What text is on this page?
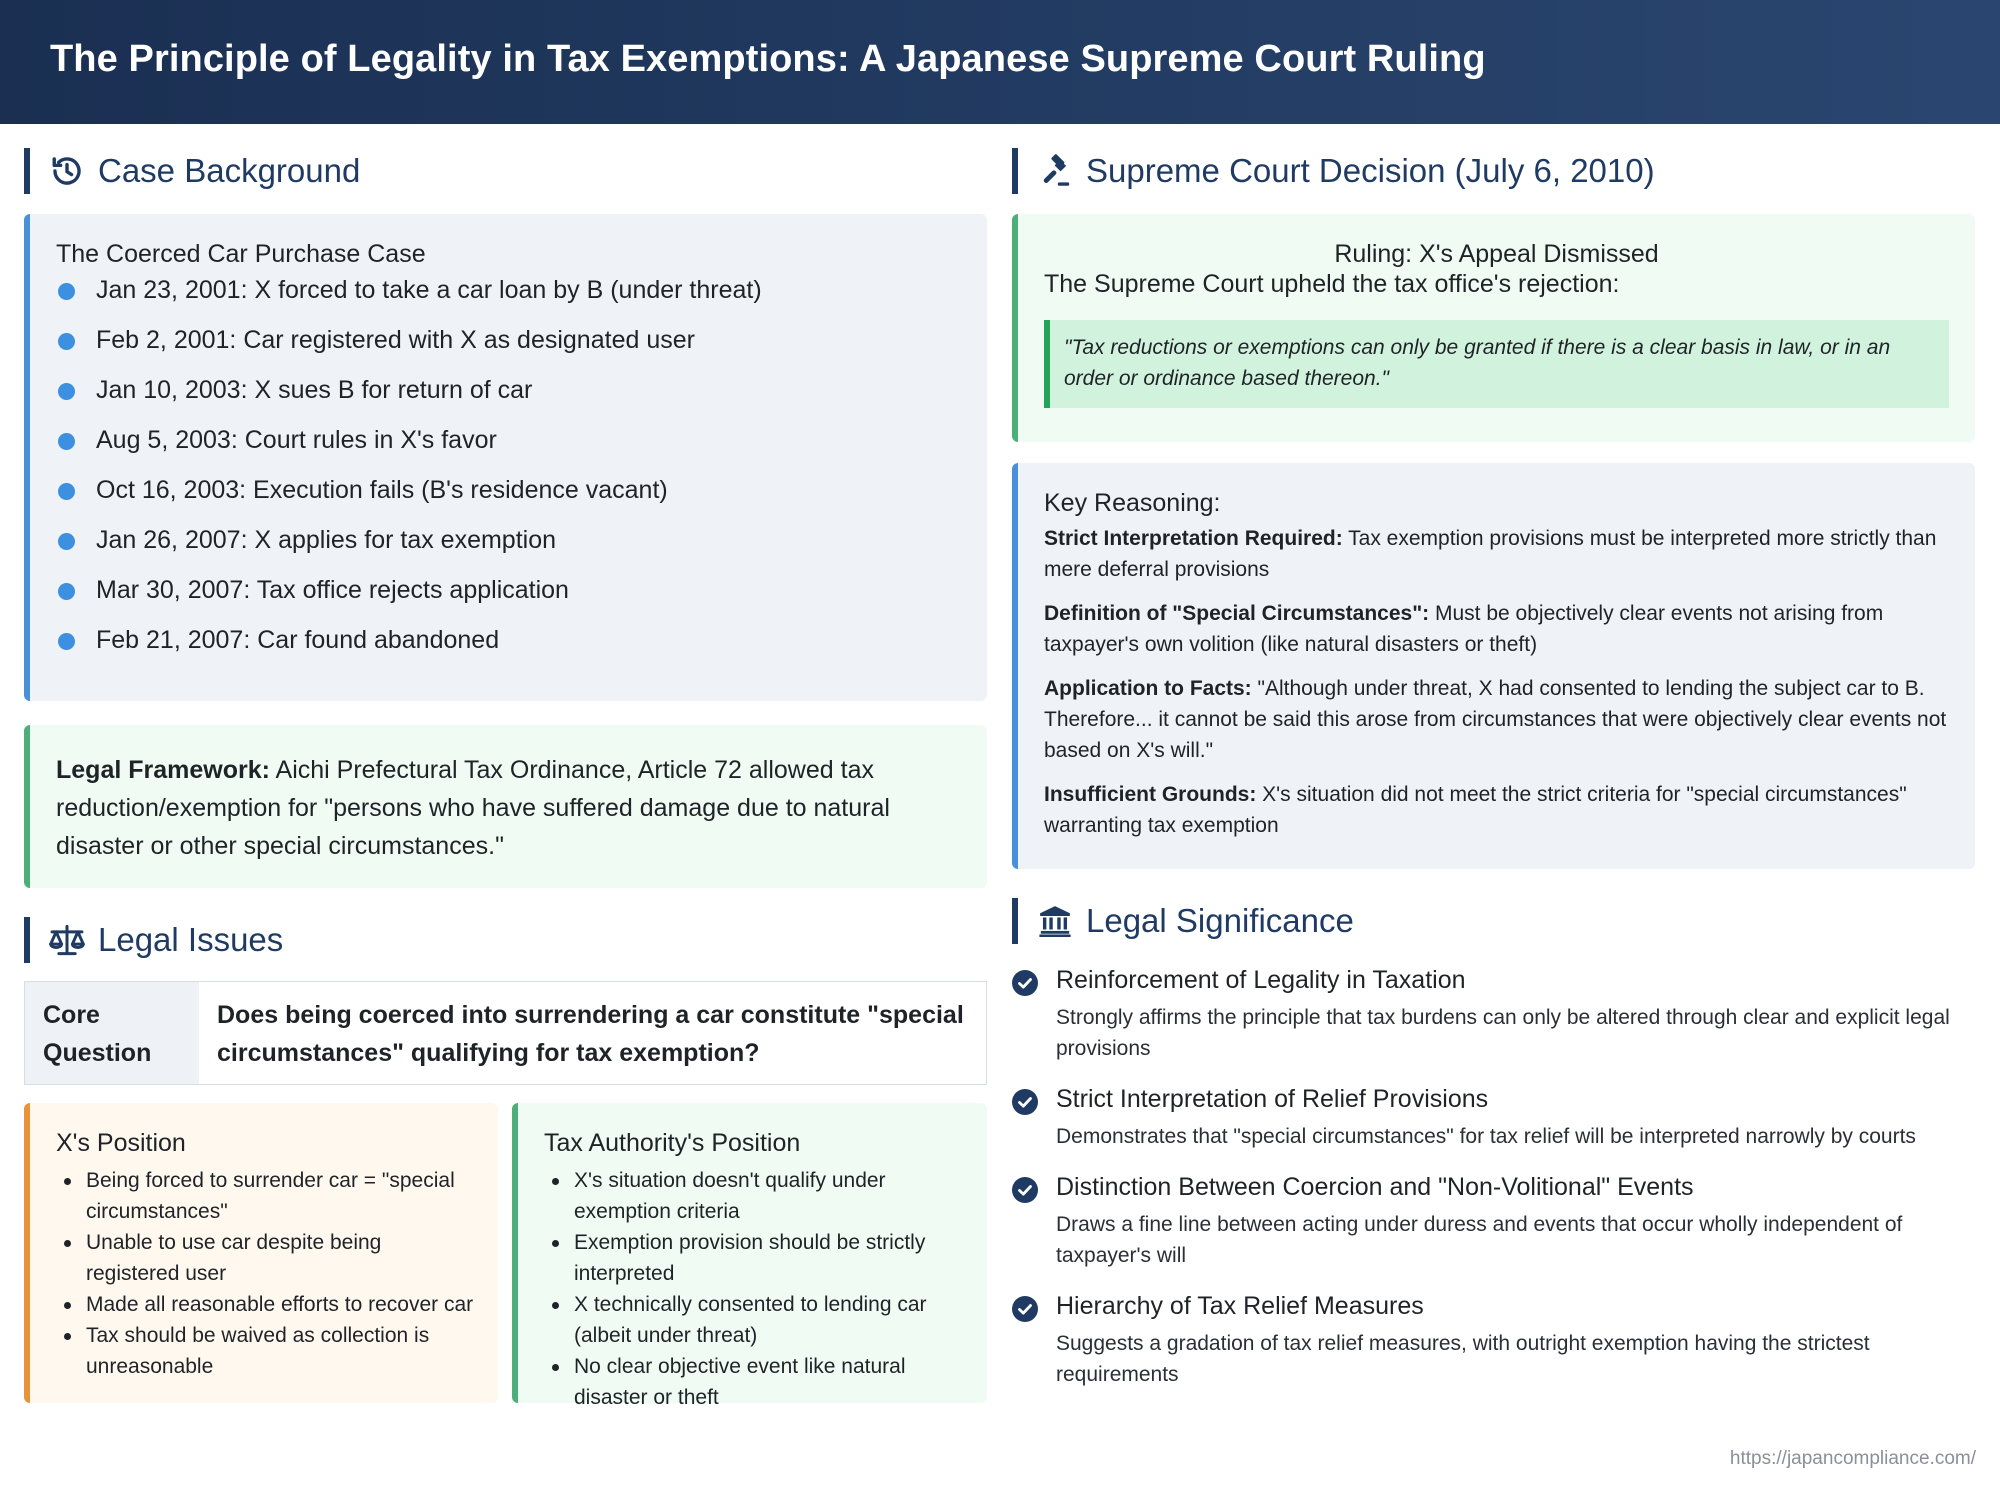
The Principle of Legality in Tax Exemptions: A Japanese Supreme Court Ruling
Case Background
The Coerced Car Purchase Case
Jan 23, 2001: X forced to take a car loan by B (under threat)
Feb 2, 2001: Car registered with X as designated user
Jan 10, 2003: X sues B for return of car
Aug 5, 2003: Court rules in X's favor
Oct 16, 2003: Execution fails (B's residence vacant)
Jan 26, 2007: X applies for tax exemption
Mar 30, 2007: Tax office rejects application
Feb 21, 2007: Car found abandoned
Legal Framework: Aichi Prefectural Tax Ordinance, Article 72 allowed tax reduction/exemption for "persons who have suffered damage due to natural disaster or other special circumstances."
Legal Issues
Core Question
Does being coerced into surrendering a car constitute "special circumstances" qualifying for tax exemption?
X's Position
Being forced to surrender car = "special circumstances"
Unable to use car despite being registered user
Made all reasonable efforts to recover car
Tax should be waived as collection is unreasonable
Tax Authority's Position
X's situation doesn't qualify under exemption criteria
Exemption provision should be strictly interpreted
X technically consented to lending car (albeit under threat)
No clear objective event like natural disaster or theft
Supreme Court Decision (July 6, 2010)
Ruling: X's Appeal Dismissed
The Supreme Court upheld the tax office's rejection:
"Tax reductions or exemptions can only be granted if there is a clear basis in law, or in an order or ordinance based thereon."
Key Reasoning:
Strict Interpretation Required: Tax exemption provisions must be interpreted more strictly than mere deferral provisions
Definition of "Special Circumstances": Must be objectively clear events not arising from taxpayer's own volition (like natural disasters or theft)
Application to Facts: "Although under threat, X had consented to lending the subject car to B. Therefore... it cannot be said this arose from circumstances that were objectively clear events not based on X's will."
Insufficient Grounds: X's situation did not meet the strict criteria for "special circumstances" warranting tax exemption
Legal Significance
Reinforcement of Legality in Taxation
Strongly affirms the principle that tax burdens can only be altered through clear and explicit legal provisions
Strict Interpretation of Relief Provisions
Demonstrates that "special circumstances" for tax relief will be interpreted narrowly by courts
Distinction Between Coercion and "Non-Volitional" Events
Draws a fine line between acting under duress and events that occur wholly independent of taxpayer's will
Hierarchy of Tax Relief Measures
Suggests a gradation of tax relief measures, with outright exemption having the strictest requirements
https://japancompliance.com/
